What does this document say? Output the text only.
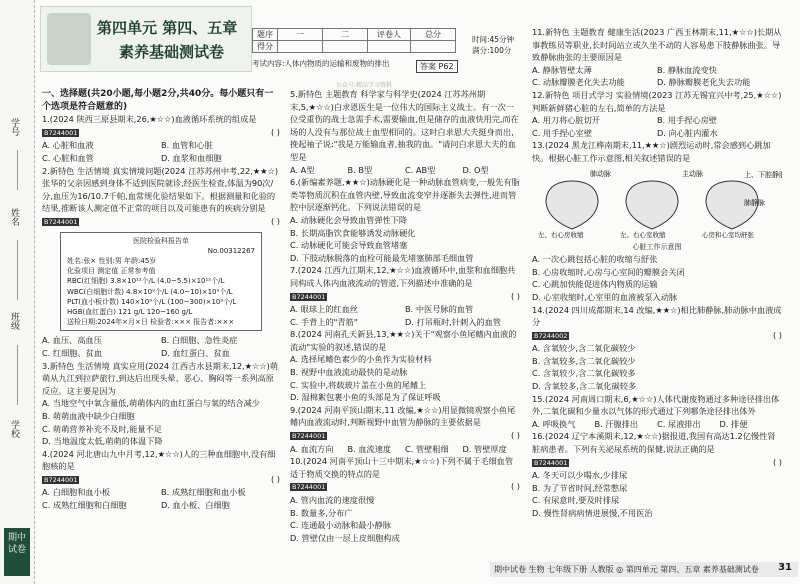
学号
姓名
班级
学校
期中试卷
第四单元 第四、五章
素养基础测试卷
题序	一	二	评卷人	总分
得分				
时间:45分钟
满分:100分
考试内容:人体内物质的运输和废物的排出	答案 P62
公众号:精品学习资料

一、选择题(共20小题,每小题2分,共40分。每小题只有一个选项是符合题意的)

1.(2024 陕西三原县期末,26,★☆☆)血液循环系统的组成是

B7244001	( )

A. 心脏和血液	B. 血管和心脏
C. 心脏和血管	D. 血浆和血细胞

2.新特色 生活情境 真实情境问题(2024 江苏苏州中考,22,★★☆)张华的父亲因感到身体不适到医院就诊,经医生检查,体温为90次/分,血压为16/10.7千帕,血常规化验结果如下。根据测量和化验的结果,推断该人测定值不正常的项目以及可能患有的疾病分别是

B7244001	( )

医院检验科报告单
No.00312267
姓名:张× 性别:男 年龄:45岁
化验项目 测定值 正常参考值
RBC(红细胞) 3.8×10¹²个/L (4.0~5.5)×10¹²个/L
WBC(白细胞计数) 4.8×10⁹个/L (4.0~10)×10⁹个/L
PLT(血小板计数) 140×10⁹个/L (100~300)×10⁹个/L
HGB(血红蛋白) 121 g/L 120~160 g/L
送检日期:2024年×月×日 检验者:××× 报告者:×××
A. 血压、高血压	B. 白细胞、急性炎症
C. 红细胞、贫血	D. 血红蛋白、贫血

3.新特色 生活情境 真实应用(2024 江西吉水县期末,12,★☆☆)萌萌从九江到拉萨旅行,到达后出现头晕、恶心、胸闷等一系列高原反应。这主要是因为

A. 当地空气中氧含量低,萌萌体内的血红蛋白与氧的结合减少

B. 萌萌血液中缺少白细胞

C. 萌萌营养补充不及时,能量不足

D. 当地温度太低,萌萌的体温下降

4.(2024 河北唐山九中月考,12,★☆☆)人的三种血细胞中,没有细胞核的是

B7244001	( )

A. 白细胞和血小板	B. 成熟红细胞和血小板
C. 成熟红细胞和白细胞	D. 血小板、白细胞

5.新特色 主题教育 科学家与科学史(2024 江苏苏州期末,5,★☆☆)白求恩医生是一位伟大的国际主义战士。有一次一位受重伤的战士急需手术,需要输血,但是储存的血液快用完,而在场的人没有与那位战士血型相同的。这时白求恩大夫挺身而出,挽起袖子说:"我是万能输血者,抽我的血。"请问白求恩大夫的血型是

A. A型	B. B型	C. AB型	D. O型

6.(新编素养题,★★☆)动脉硬化是一种动脉血管病变,一般先有脂类等物质沉积在血管内壁,导致血流变窄并逐渐失去弹性,进而管腔中层逐渐钙化。下列说法错误的是

A. 动脉硬化会导致血管弹性下降

B. 长期高脂饮食能够诱发动脉硬化

C. 动脉硬化可能会导致血管堵塞

D. 下肢动脉脱落的血栓可能最先堵塞肺部毛细血管

7.(2024 江西九江期末,12,★☆☆)血液循环中,血浆和血细胞共同构成人体内血液流动的管道,下列描述中准确的是

B7244001	( )

A. 眼球上的红血丝	B. 中医号脉的血管
C. 手背上的"青筋"	D. 打吊瓶时,针刺入的血管

8.(2024 河南孔天新县,13,★★☆)关于"观察小鱼尾鳍内血液的流动"实验的叙述,错误的是

A. 选择尾鳍色素少的小鱼作为实验材料

B. 视野中血液流动最快的是动脉

C. 实验中,将载玻片盖在小鱼的尾鳍上

D. 湿棉絮包裹小鱼的头部是为了保证呼吸

9.(2024 河南平顶山期末,11 改编,★☆☆)用显微镜观察小鱼尾鳍内血液流动时,判断视野中血管为静脉的主要依据是

B7244001	( )

A. 血流方向	B. 血流速度	C. 管壁粗细	D. 管壁厚度

10.(2024 河南平顶山十三中期末,★☆☆)下列不属于毛细血管适于物质交换的特点的是

B7244001	( )

A. 管内血流的速度很慢

B. 数量多,分布广

C. 连通最小动脉和最小静脉

D. 管壁仅由一层上皮细胞构成

11.新特色 主题教育 健康生活(2023 广西玉林期末,11,★☆☆)长期从事教练员等职业,长时间站立或久坐不动的人容易患下肢静脉曲张。导致静脉曲张的主要原因是

A. 静脉管壁太薄	B. 静脉血流变快
C. 动脉瓣膜老化失去功能	D. 静脉瓣膜老化失去功能

12.新特色 项目式学习 实验情境(2023 江苏无锡宜兴中考,25,★☆☆)判断新鲜猪心脏的左右,简单的方法是

A. 用刀将心脏切开	B. 用手捏心房壁
C. 用手捏心室壁	D. 向心脏内灌水

13.(2024 黑龙江桦南期末,11,★★☆)剧烈运动时,常会感到心跳加快。根据心脏工作示意图,相关叙述错误的是

肺动脉	主动脉	上、下腔静脉
肺静脉
左、右心房收缩	左、右心室收缩	心房和心室均舒张

心脏工作示意图

A. 一次心跳包括心脏的收缩与舒张

B. 心房收缩时,心房与心室间的瓣膜会关闭

C. 心跳加快能促进体内物质的运输

D. 心室收缩时,心室里的血液被泵入动脉

14.(2024 四川成都期末,14 改编,★★☆)相比肺静脉,肺动脉中血液成分

B7244002	( )

A. 含氧较少,含二氧化碳较少

B. 含氧较多,含二氧化碳较少

C. 含氧较少,含二氧化碳较多

D. 含氧较多,含二氧化碳较多

15.(2024 河南周口期末,6,★☆☆)人体代谢废物通过多种途径排出体外,二氧化碳和少量水以气体的形式通过下列哪条途径排出体外

A. 呼吸换气	B. 汗腺排出	C. 尿液排出	D. 排便

16.(2024 辽宁本溪期末,12,★☆☆)据报道,我国有高达1.2亿慢性肾脏病患者。下列有关泌尿系统的保健,说法正确的是

B7244001	( )

A. 冬天可以少喝水,少排尿

B. 为了节省时间,经常憋尿

C. 有尿意时,要及时排尿

D. 慢性肾病病情进展慢,不用医治

期中试卷 生物 七年级下册 人教版 ◎ 第四单元 第四、五章 素养基础测试卷	31
